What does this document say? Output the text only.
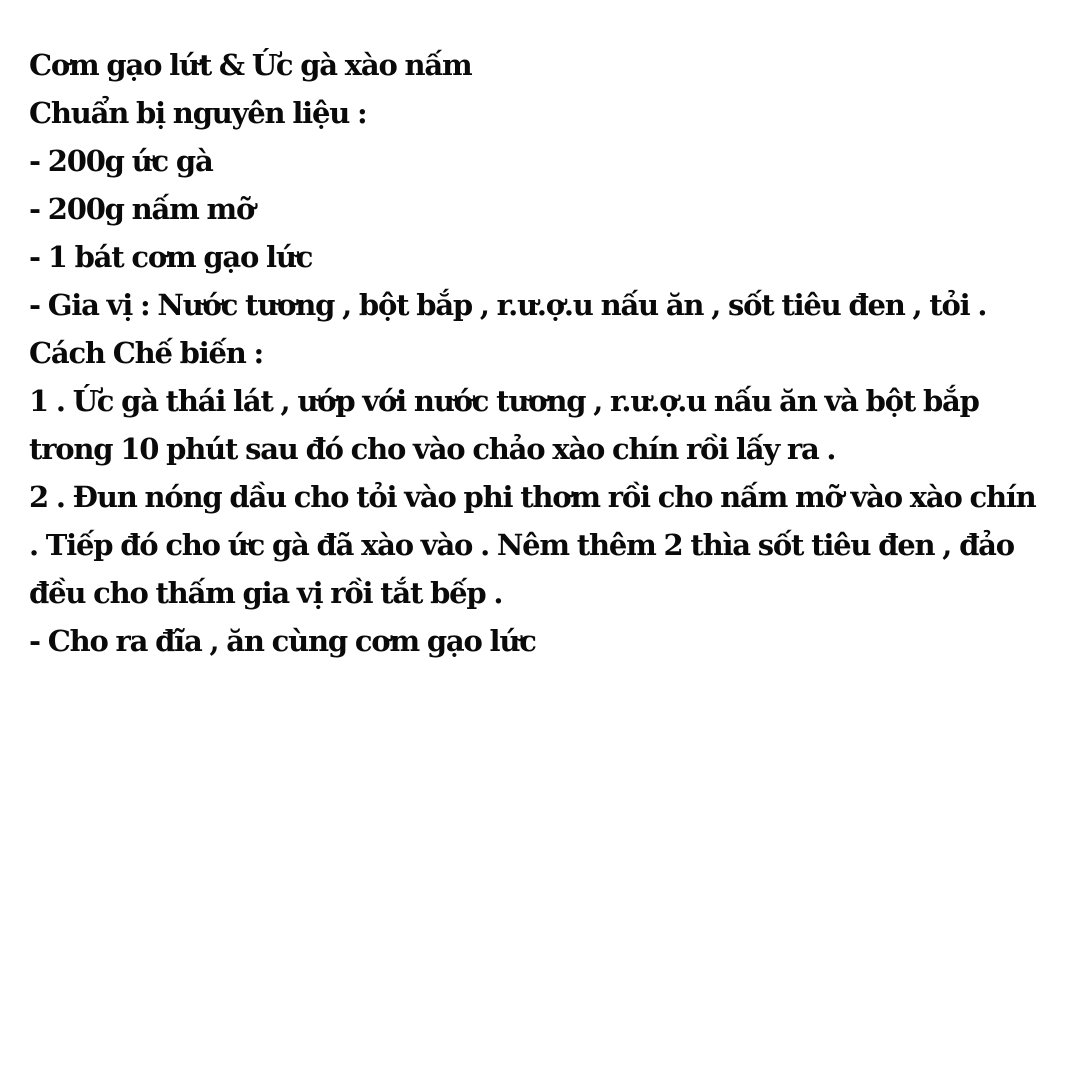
Cơm gạo lứt & Ức gà xào nấm
Chuẩn bị nguyên liệu :
- 200g ức gà
- 200g nấm mỡ
- 1 bát cơm gạo lức
- Gia vị : Nước tương , bột bắp , r.ư.ợ.u nấu ăn , sốt tiêu đen , tỏi .
Cách Chế biến :
1 . Ức gà thái lát , ướp với nước tương , r.ư.ợ.u nấu ăn và bột bắp
trong 10 phút sau đó cho vào chảo xào chín rồi lấy ra .
2 . Đun nóng dầu cho tỏi vào phi thơm rồi cho nấm mỡ vào xào chín
. Tiếp đó cho ức gà đã xào vào . Nêm thêm 2 thìa sốt tiêu đen , đảo
đều cho thấm gia vị rồi tắt bếp .
- Cho ra đĩa , ăn cùng cơm gạo lức
